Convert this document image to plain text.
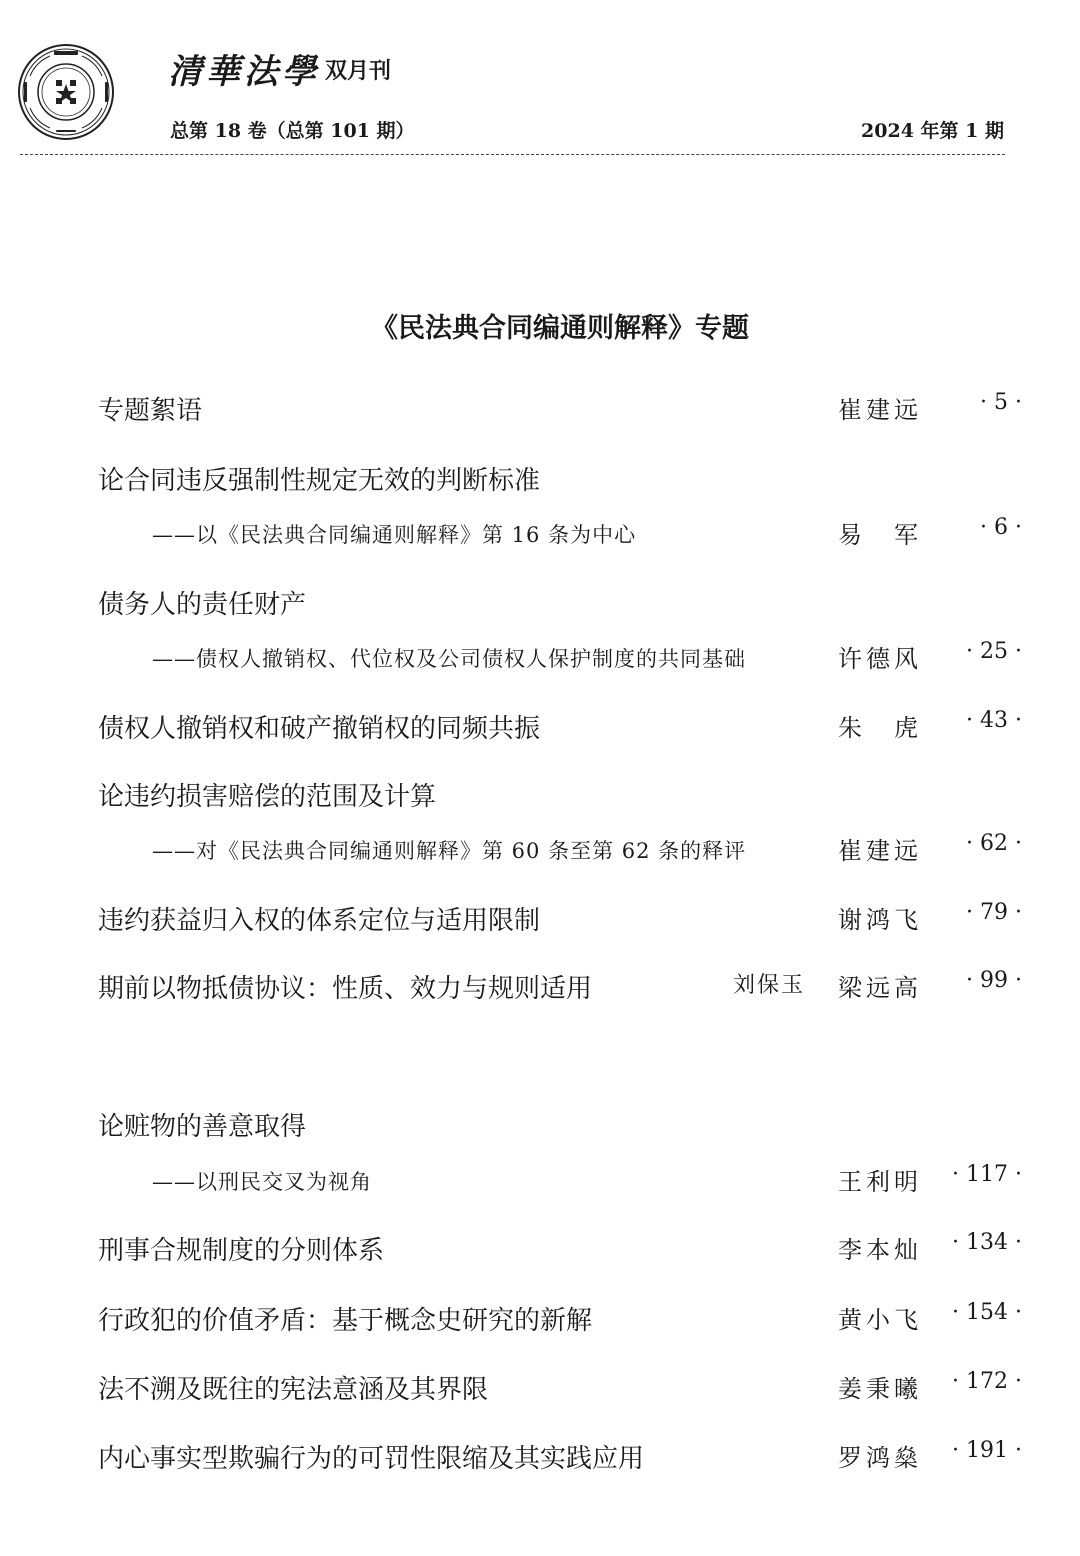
清華法學 双月刊
总第 18 卷（总第 101 期）	2024 年第 1 期
《民法典合同编通则解释》专题
专题絮语	崔建远	· 5 ·
论合同违反强制性规定无效的判断标准
——以《民法典合同编通则解释》第 16 条为中心	易 军	· 6 ·
债务人的责任财产
——债权人撤销权、代位权及公司债权人保护制度的共同基础	许德风 · 25 ·
债权人撤销权和破产撤销权的同频共振	朱 虎 · 43 ·
论违约损害赔偿的范围及计算
——对《民法典合同编通则解释》第 60 条至第 62 条的释评	崔建远 · 62 ·
违约获益归入权的体系定位与适用限制	谢鸿飞 · 79 ·
期前以物抵债协议：性质、效力与规则适用	刘保玉 梁远高 · 99 ·
论赃物的善意取得
——以刑民交叉为视角	王利明 · 117 ·
刑事合规制度的分则体系	李本灿 · 134 ·
行政犯的价值矛盾：基于概念史研究的新解	黄小飞 · 154 ·
法不溯及既往的宪法意涵及其界限	姜秉曦 · 172 ·
内心事实型欺骗行为的可罚性限缩及其实践应用	罗鸿燊 · 191 ·
